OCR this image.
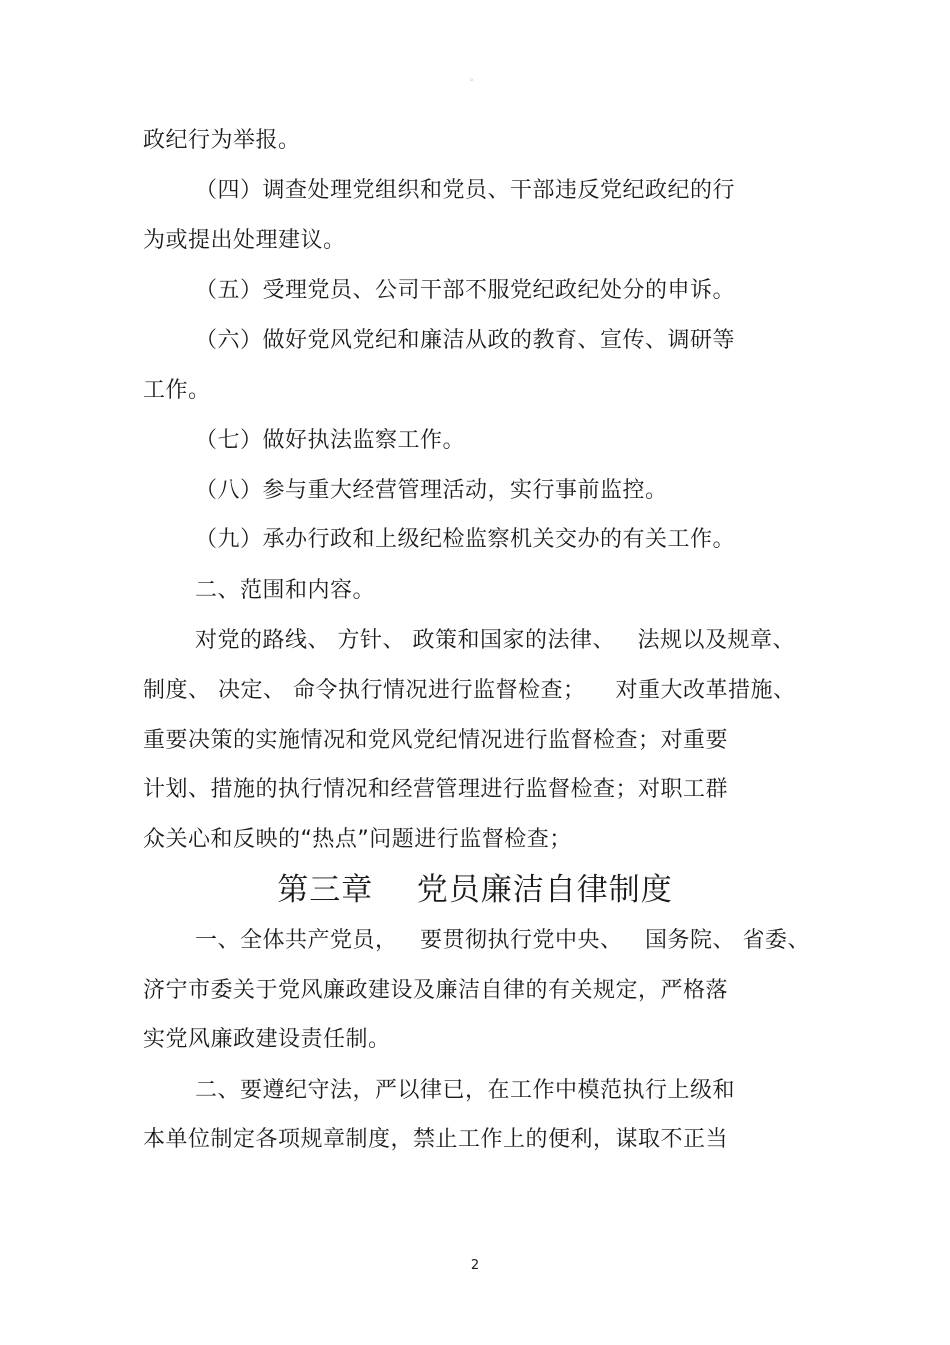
。
政纪行为举报。
（四）调查处理党组织和党员、干部违反党纪政纪的行
为或提出处理建议。
（五）受理党员、公司干部不服党纪政纪处分的申诉。
（六）做好党风党纪和廉洁从政的教育、宣传、调研等
工作。
（七）做好执法监察工作。
（八）参与重大经营管理活动，实行事前监控。
（九）承办行政和上级纪检监察机关交办的有关工作。
二、范围和内容。
对党的路线、 方针、 政策和国家的法律、   法规以及规章、
制度、 决定、 命令执行情况进行监督检查；    对重大改革措施、
重要决策的实施情况和党风党纪情况进行监督检查；对重要
计划、措施的执行情况和经营管理进行监督检查；对职工群
众关心和反映的“热点”问题进行监督检查；
第三章    党员廉洁自律制度
一、全体共产党员，   要贯彻执行党中央、   国务院、 省委、
济宁市委关于党风廉政建设及廉洁自律的有关规定，严格落
实党风廉政建设责任制。
二、要遵纪守法，严以律已，在工作中模范执行上级和
本单位制定各项规章制度，禁止工作上的便利，谋取不正当
2
